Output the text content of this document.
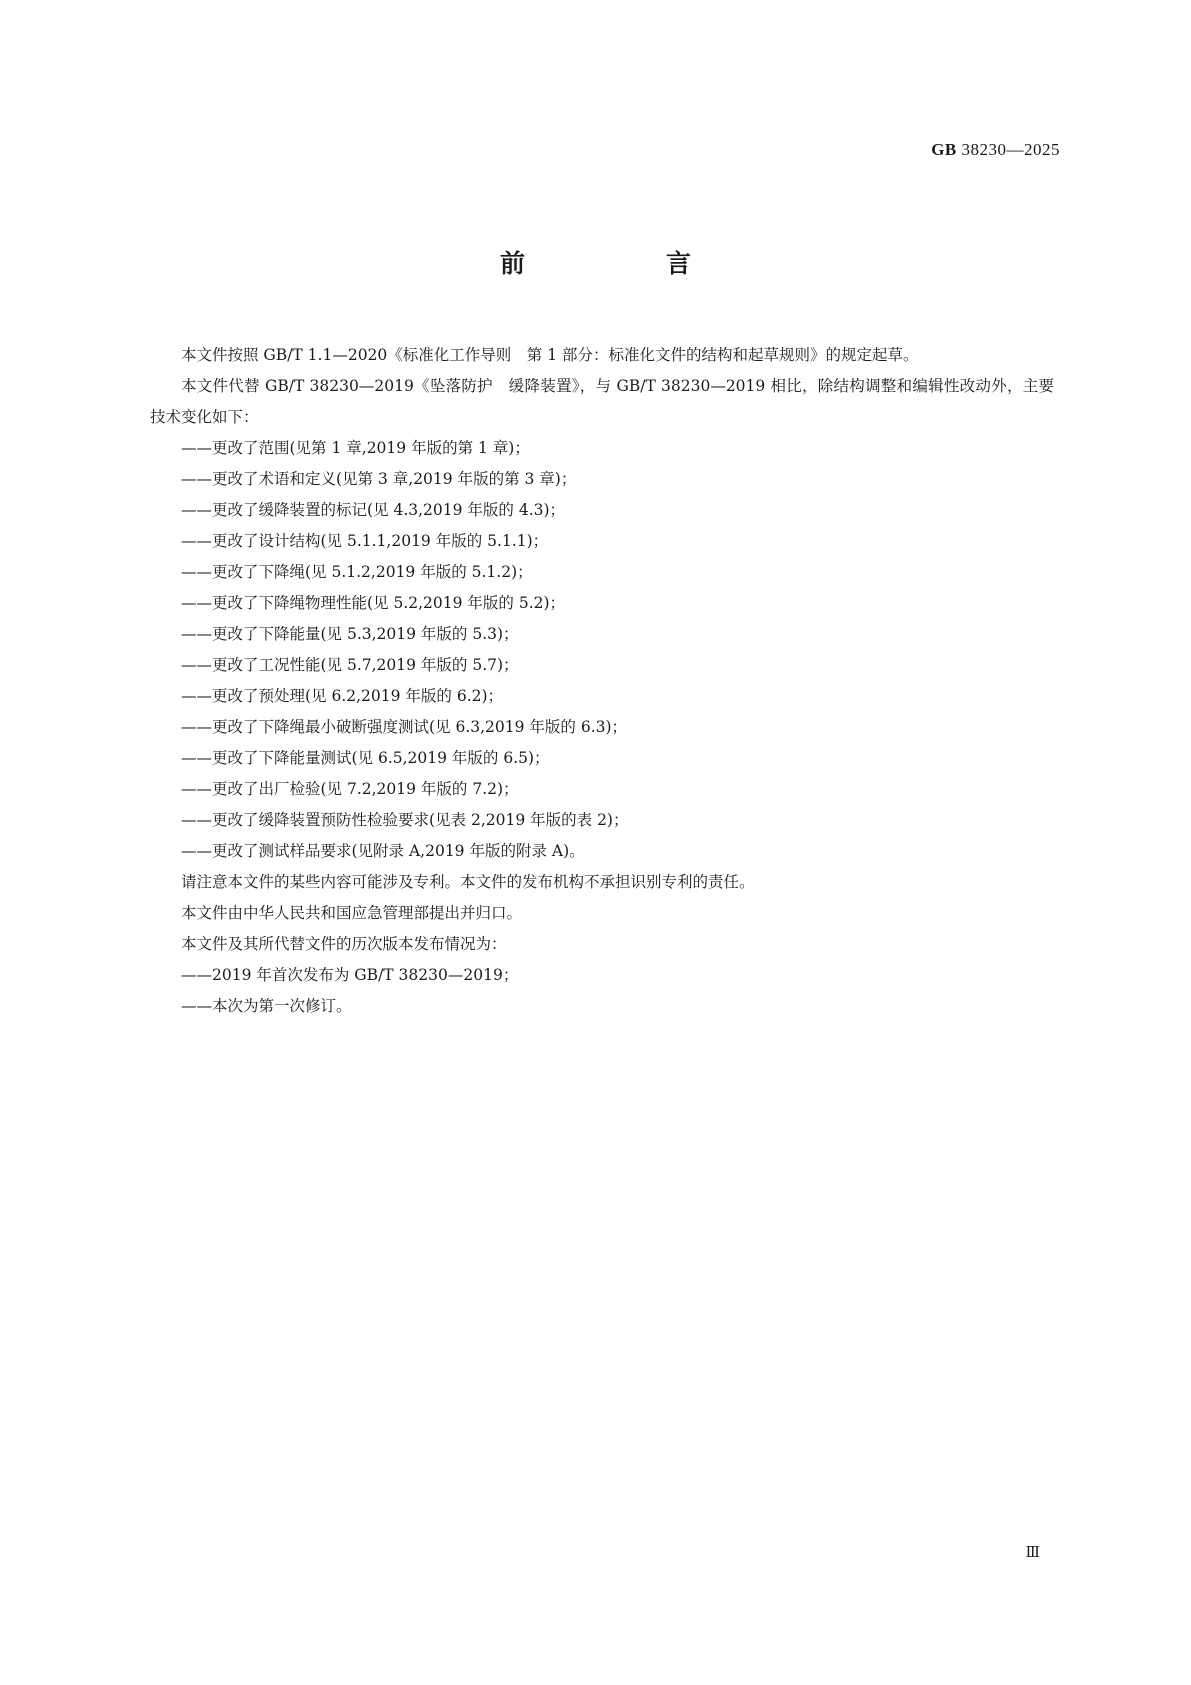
GB 38230—2025
前　言

本文件按照 GB/T 1.1—2020《标准化工作导则　第 1 部分：标准化文件的结构和起草规则》的规定起草。

本文件代替 GB/T 38230—2019《坠落防护　缓降装置》，与 GB/T 38230—2019 相比，除结构调整和编辑性改动外，主要技术变化如下：

——更改了范围(见第 1 章,2019 年版的第 1 章)；

——更改了术语和定义(见第 3 章,2019 年版的第 3 章)；

——更改了缓降装置的标记(见 4.3,2019 年版的 4.3)；

——更改了设计结构(见 5.1.1,2019 年版的 5.1.1)；

——更改了下降绳(见 5.1.2,2019 年版的 5.1.2)；

——更改了下降绳物理性能(见 5.2,2019 年版的 5.2)；

——更改了下降能量(见 5.3,2019 年版的 5.3)；

——更改了工况性能(见 5.7,2019 年版的 5.7)；

——更改了预处理(见 6.2,2019 年版的 6.2)；

——更改了下降绳最小破断强度测试(见 6.3,2019 年版的 6.3)；

——更改了下降能量测试(见 6.5,2019 年版的 6.5)；

——更改了出厂检验(见 7.2,2019 年版的 7.2)；

——更改了缓降装置预防性检验要求(见表 2,2019 年版的表 2)；

——更改了测试样品要求(见附录 A,2019 年版的附录 A)。

请注意本文件的某些内容可能涉及专利。本文件的发布机构不承担识别专利的责任。

本文件由中华人民共和国应急管理部提出并归口。

本文件及其所代替文件的历次版本发布情况为：

——2019 年首次发布为 GB/T 38230—2019；

——本次为第一次修订。

Ⅲ
